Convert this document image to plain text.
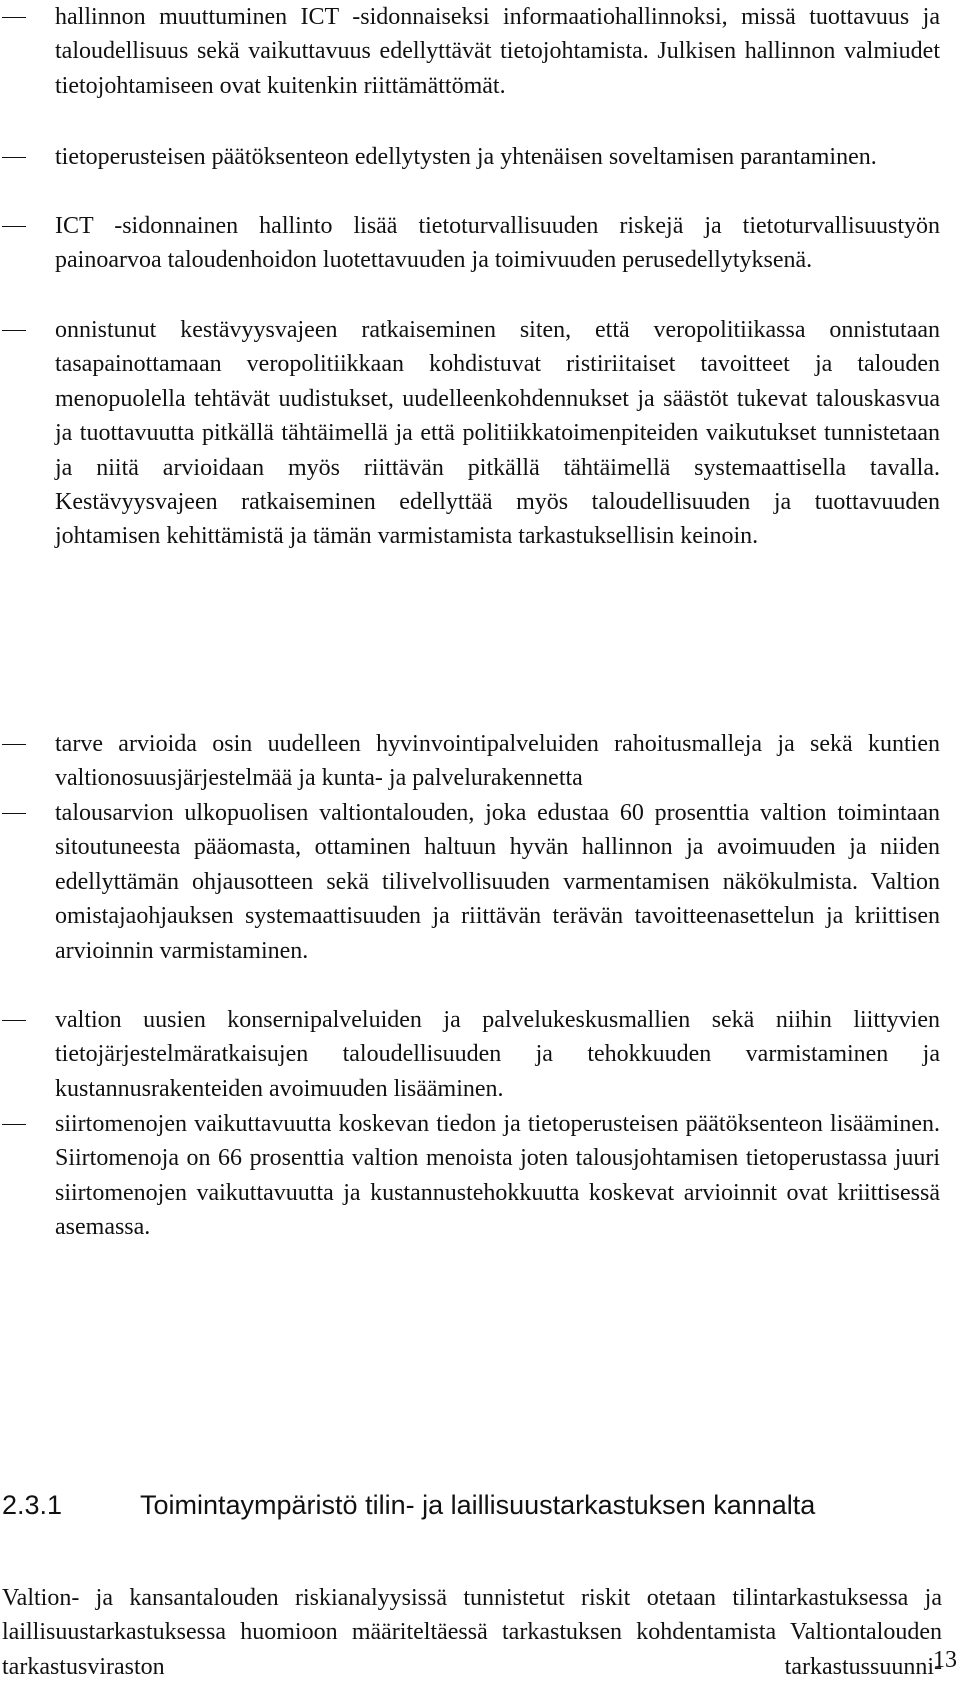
hallinnon muuttuminen ICT -sidonnaiseksi informaatiohallinnoksi, missä tuottavuus ja taloudellisuus sekä vaikuttavuus edellyttävät tietojohtamista. Julkisen hallinnon valmiudet tietojohtamiseen ovat kuitenkin riittämättömät.
tietoperusteisen päätöksenteon edellytysten ja yhtenäisen soveltamisen parantaminen.
ICT -sidonnainen hallinto lisää tietoturvallisuuden riskejä ja tietoturvallisuustyön painoarvoa taloudenhoidon luotettavuuden ja toimivuuden perusedellytyksenä.
onnistunut kestävyysvajeen ratkaiseminen siten, että veropolitiikassa onnistutaan tasapainottamaan veropolitiikkaan kohdistuvat ristiriitaiset tavoitteet ja talouden menopuolella tehtävät uudistukset, uudelleenkohdennukset ja säästöt tukevat talouskasvua ja tuottavuutta pitkällä tähtäimellä ja että politiikkatoimenpiteiden vaikutukset tunnistetaan ja niitä arvioidaan myös riittävän pitkällä tähtäimellä systemaattisella tavalla. Kestävyysvajeen ratkaiseminen edellyttää myös taloudellisuuden ja tuottavuuden johtamisen kehittämistä ja tämän varmistamista tarkastuksellisin keinoin.
tarve arvioida osin uudelleen hyvinvointipalveluiden rahoitusmalleja ja sekä kuntien valtionosuusjärjestelmää ja kunta- ja palvelurakennetta
talousarvion ulkopuolisen valtiontalouden, joka edustaa 60 prosenttia valtion toimintaan sitoutuneesta pääomasta, ottaminen haltuun hyvän hallinnon ja avoimuuden ja niiden edellyttämän ohjausotteen sekä tilivelvollisuuden varmentamisen näkökulmista. Valtion omistajaohjauksen systemaattisuuden ja riittävän terävän tavoitteenasettelun ja kriittisen arvioinnin varmistaminen.
valtion uusien konsernipalveluiden ja palvelukeskusmallien sekä niihin liittyvien tietojärjestelmäratkaisujen taloudellisuuden ja tehokkuuden varmistaminen ja kustannusrakenteiden avoimuuden lisääminen.
siirtomenojen vaikuttavuutta koskevan tiedon ja tietoperusteisen päätöksenteon lisääminen. Siirtomenoja on 66 prosenttia valtion menoista joten talousjohtamisen tietoperustassa juuri siirtomenojen vaikuttavuutta ja kustannustehokkuutta koskevat arvioinnit ovat kriittisessä asemassa.
2.3.1	Toimintaympäristö tilin- ja laillisuustarkastuksen kannalta

Valtion- ja kansantalouden riskianalyysissä tunnistetut riskit otetaan tilintarkastuksessa ja laillisuustarkastuksessa huomioon määriteltäessä tarkastuksen kohdentamista Valtiontalouden tarkastusviraston tarkastussuunni-

13
